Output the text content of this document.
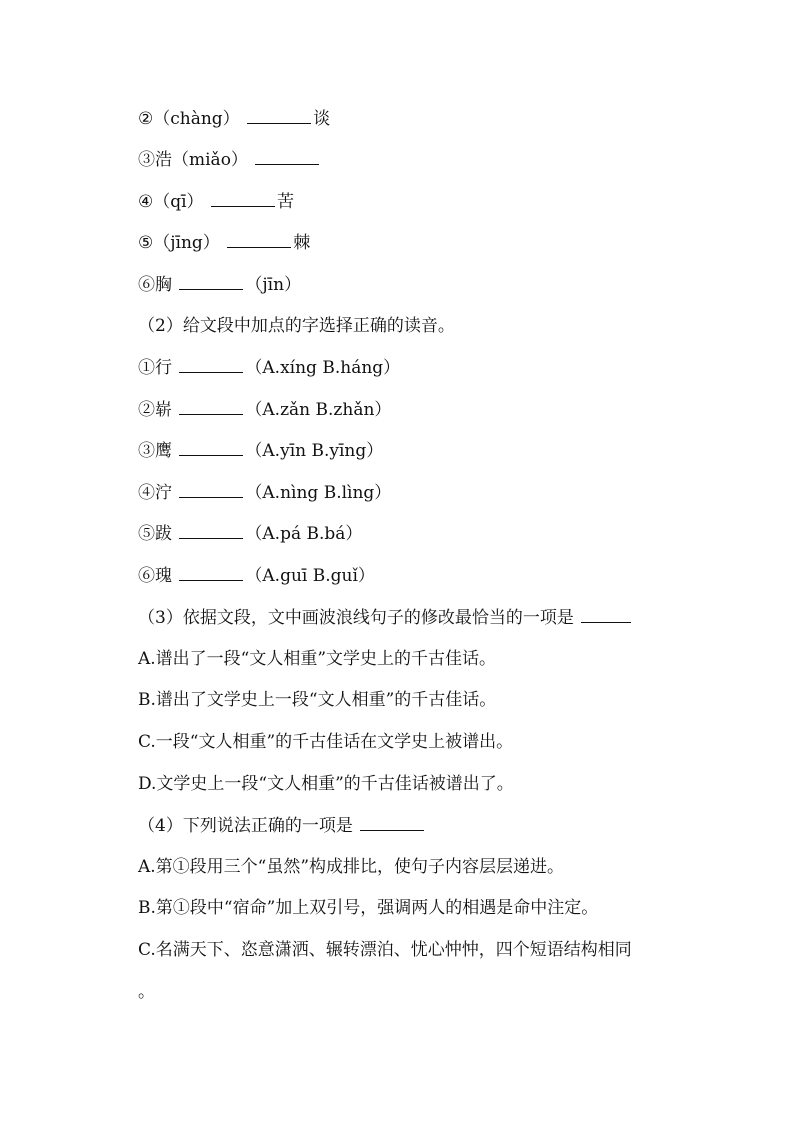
②（chàng）	谈
③浩（miǎo）
④（qī）	苦
⑤（jīng）	棘
⑥胸	（jīn）
（2）给文段中加点的字选择正确的读音。
①行	（A.xíng B.háng）
②崭	（A.zǎn B.zhǎn）
③鹰	（A.yīn B.yīng）
④泞	（A.nìng B.lìng）
⑤跋	（A.pá B.bá）
⑥瑰	（A.guī B.guǐ）
（3）依据文段，文中画波浪线句子的修改最恰当的一项是
A.谱出了一段“文人相重”文学史上的千古佳话。
B.谱出了文学史上一段“文人相重”的千古佳话。
C.一段“文人相重”的千古佳话在文学史上被谱出。
D.文学史上一段“文人相重”的千古佳话被谱出了。
（4）下列说法正确的一项是
A.第①段用三个“虽然”构成排比，使句子内容层层递进。
B.第①段中“宿命”加上双引号，强调两人的相遇是命中注定。
C.名满天下、恣意潇洒、辗转漂泊、忧心忡忡，四个短语结构相同
。
